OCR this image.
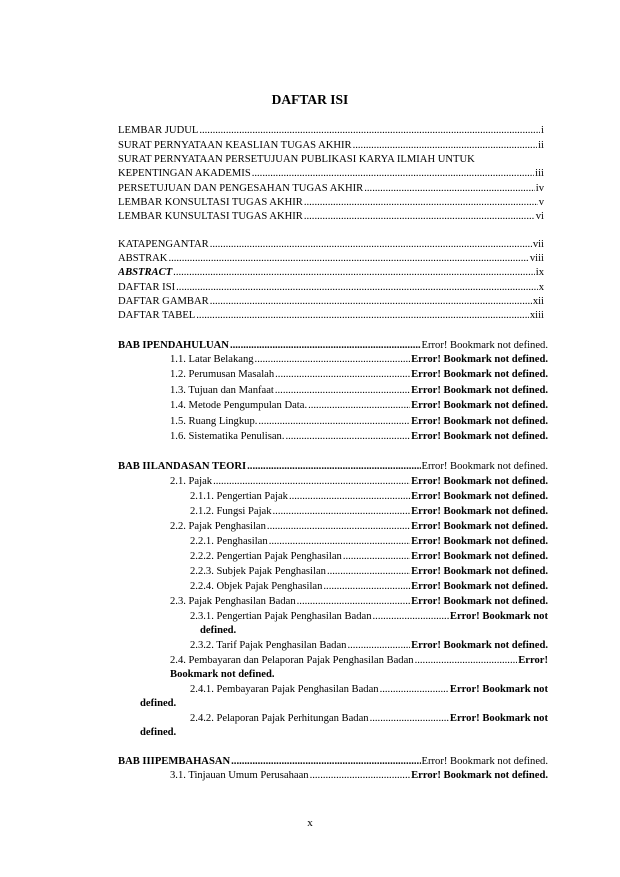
DAFTAR ISI
LEMBAR JUDUL .....	i
SURAT PERNYATAAN KEASLIAN TUGAS AKHIR .....	ii
SURAT PERNYATAAN PERSETUJUAN PUBLIKASI KARYA ILMIAH UNTUK
KEPENTINGAN AKADEMIS .....	iii
PERSETUJUAN DAN PENGESAHAN TUGAS AKHIR .....	iv
LEMBAR KONSULTASI TUGAS AKHIR .....	v
LEMBAR KUNSULTASI TUGAS AKHIR .....	vi
KATAPENGANTAR .....	vii
ABSTRAK .....	viii
ABSTRACT .....	ix
DAFTAR ISI .....	x
DAFTAR GAMBAR .....	xii
DAFTAR TABEL .....	xiii
BAB I PENDAHULUAN .....	Error! Bookmark not defined.
1.1. Latar Belakang .....	Error! Bookmark not defined.
1.2. Perumusan Masalah .....	Error! Bookmark not defined.
1.3. Tujuan dan Manfaat .....	Error! Bookmark not defined.
1.4. Metode Pengumpulan Data. .....	Error! Bookmark not defined.
1.5. Ruang Lingkup. .....	Error! Bookmark not defined.
1.6. Sistematika Penulisan. .....	Error! Bookmark not defined.
BAB II LANDASAN TEORI .....	Error! Bookmark not defined.
2.1. Pajak .....	Error! Bookmark not defined.
2.1.1. Pengertian Pajak .....	Error! Bookmark not defined.
2.1.2. Fungsi Pajak .....	Error! Bookmark not defined.
2.2. Pajak Penghasilan .....	Error! Bookmark not defined.
2.2.1. Penghasilan .....	Error! Bookmark not defined.
2.2.2. Pengertian Pajak Penghasilan .....	Error! Bookmark not defined.
2.2.3. Subjek Pajak Penghasilan .....	Error! Bookmark not defined.
2.2.4. Objek Pajak Penghasilan .....	Error! Bookmark not defined.
2.3. Pajak Penghasilan Badan .....	Error! Bookmark not defined.
2.3.1. Pengertian Pajak Penghasilan Badan .....	Error! Bookmark not
defined.
2.3.2. Tarif Pajak Penghasilan Badan .....	Error! Bookmark not defined.
2.4. Pembayaran dan Pelaporan Pajak Penghasilan Badan .....	Error!
Bookmark not defined.
2.4.1. Pembayaran Pajak Penghasilan Badan .....	Error! Bookmark not
defined.
2.4.2. Pelaporan Pajak Perhitungan Badan .....	Error! Bookmark not
defined.
BAB III PEMBAHASAN .....	Error! Bookmark not defined.
3.1. Tinjauan Umum Perusahaan .....	Error! Bookmark not defined.
x
